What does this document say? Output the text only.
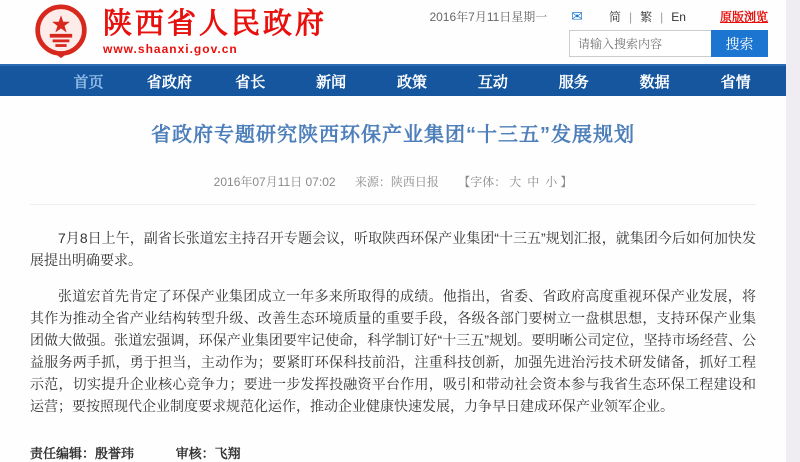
陕西省人民政府
www.shaanxi.gov.cn
2016年7月11日星期一 ✉	简 | 繁 | En	原版浏览
请输入搜索内容
搜索
首页	省政府	省长	新闻	政策	互动	服务	数据	省情
省政府专题研究陕西环保产业集团“十三五”发展规划
2016年07月11日 07:02 来源：陕西日报 【字体： 大 中 小 】

7月8日上午，副省长张道宏主持召开专题会议，听取陕西环保产业集团“十三五”规划汇报，就集团今后如何加快发展提出明确要求。

张道宏首先肯定了环保产业集团成立一年多来所取得的成绩。他指出，省委、省政府高度重视环保产业发展，将其作为推动全省产业结构转型升级、改善生态环境质量的重要手段，各级各部门要树立一盘棋思想，支持环保产业集团做大做强。张道宏强调，环保产业集团要牢记使命，科学制订好“十三五”规划。要明晰公司定位，坚持市场经营、公益服务两手抓，勇于担当，主动作为；要紧盯环保科技前沿，注重科技创新，加强先进治污技术研发储备，抓好工程示范，切实提升企业核心竞争力；要进一步发挥投融资平台作用，吸引和带动社会资本参与我省生态环保工程建设和运营；要按照现代企业制度要求规范化运作，推动企业健康快速发展，力争早日建成环保产业领军企业。

责任编辑：殷誉玮	审核：飞翔
